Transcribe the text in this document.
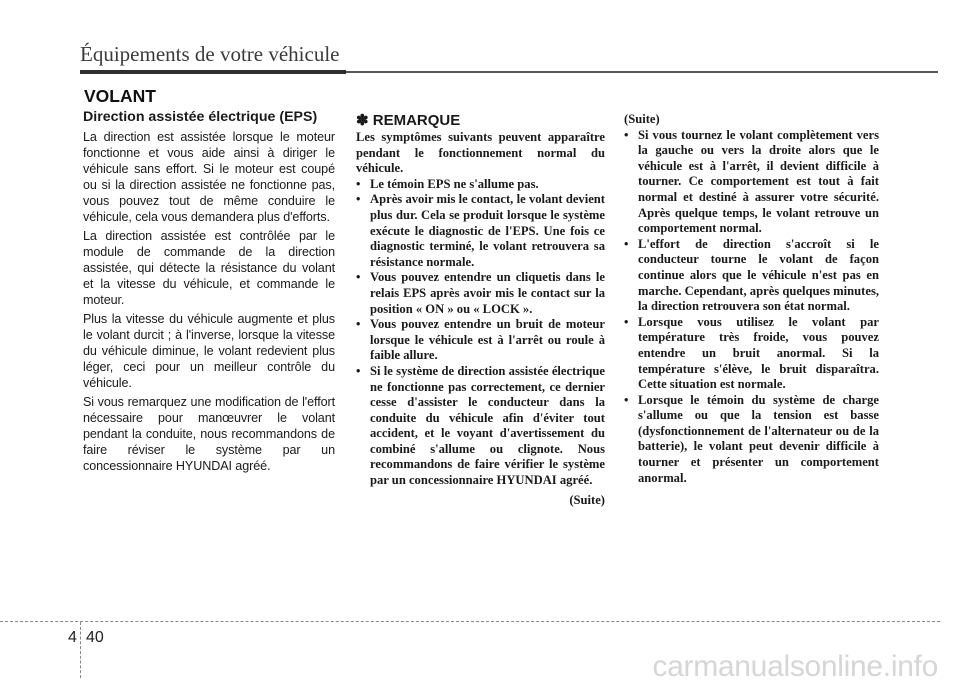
Équipements de votre véhicule
VOLANT
Direction assistée électrique (EPS)

La direction est assistée lorsque le moteur fonctionne et vous aide ainsi à diriger le véhicule sans effort. Si le moteur est coupé ou si la direction assistée ne fonctionne pas, vous pouvez tout de même conduire le véhicule, cela vous demandera plus d'efforts.

La direction assistée est contrôlée par le module de commande de la direction assistée, qui détecte la résistance du volant et la vitesse du véhicule, et commande le moteur.

Plus la vitesse du véhicule augmente et plus le volant durcit ; à l'inverse, lorsque la vitesse du véhicule diminue, le volant redevient plus léger, ceci pour un meilleur contrôle du véhicule.

Si vous remarquez une modification de l'effort nécessaire pour manœuvrer le volant pendant la conduite, nous recommandons de faire réviser le système par un concessionnaire HYUNDAI agréé.

✽ REMARQUE

Les symptômes suivants peuvent apparaître pendant le fonctionnement normal du véhicule.

• Le témoin EPS ne s'allume pas.
• Après avoir mis le contact, le volant devient plus dur. Cela se produit lorsque le système exécute le diagnostic de l'EPS. Une fois ce diagnostic terminé, le volant retrouvera sa résistance normale.
• Vous pouvez entendre un cliquetis dans le relais EPS après avoir mis le contact sur la position « ON » ou « LOCK ».
• Vous pouvez entendre un bruit de moteur lorsque le véhicule est à l'arrêt ou roule à faible allure.
• Si le système de direction assistée électrique ne fonctionne pas correctement, ce dernier cesse d'assister le conducteur dans la conduite du véhicule afin d'éviter tout accident, et le voyant d'avertissement du combiné s'allume ou clignote. Nous recommandons de faire vérifier le système par un concessionnaire HYUNDAI agréé.
(Suite)

(Suite)

• Si vous tournez le volant complètement vers la gauche ou vers la droite alors que le véhicule est à l'arrêt, il devient difficile à tourner. Ce comportement est tout à fait normal et destiné à assurer votre sécurité. Après quelque temps, le volant retrouve un comportement normal.
• L'effort de direction s'accroît si le conducteur tourne le volant de façon continue alors que le véhicule n'est pas en marche. Cependant, après quelques minutes, la direction retrouvera son état normal.
• Lorsque vous utilisez le volant par température très froide, vous pouvez entendre un bruit anormal. Si la température s'élève, le bruit disparaîtra. Cette situation est normale.
• Lorsque le témoin du système de charge s'allume ou que la tension est basse (dysfonctionnement de l'alternateur ou de la batterie), le volant peut devenir difficile à tourner et présenter un comportement anormal.
4 40
carmanualsonline.info
